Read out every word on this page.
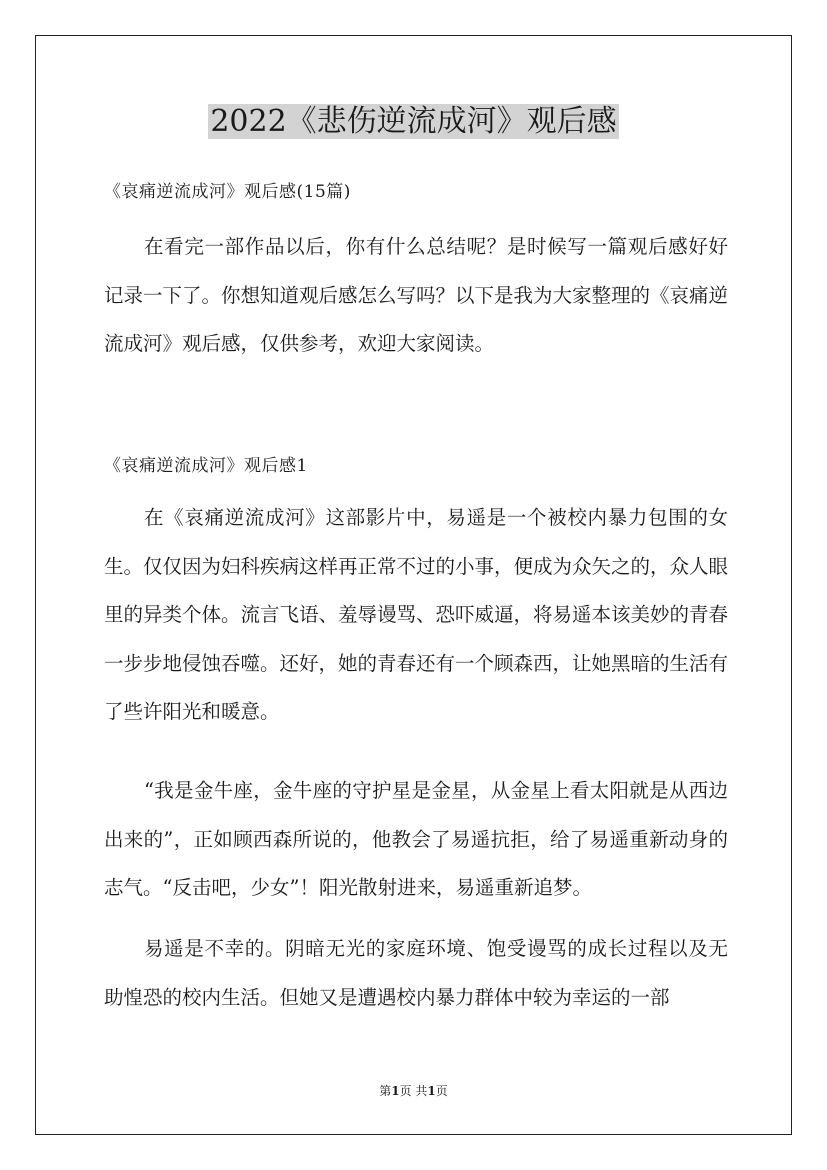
2022《悲伤逆流成河》观后感
《哀痛逆流成河》观后感(15篇)

在看完一部作品以后，你有什么总结呢？是时候写一篇观后感好好记录一下了。你想知道观后感怎么写吗？以下是我为大家整理的《哀痛逆流成河》观后感，仅供参考，欢迎大家阅读。

《哀痛逆流成河》观后感1

在《哀痛逆流成河》这部影片中，易遥是一个被校内暴力包围的女生。仅仅因为妇科疾病这样再正常不过的小事，便成为众矢之的，众人眼里的异类个体。流言飞语、羞辱谩骂、恐吓威逼，将易遥本该美妙的青春一步步地侵蚀吞噬。还好，她的青春还有一个顾森西，让她黑暗的生活有了些许阳光和暖意。

“我是金牛座，金牛座的守护星是金星，从金星上看太阳就是从西边出来的”，正如顾西森所说的，他教会了易遥抗拒，给了易遥重新动身的志气。“反击吧，少女”！阳光散射进来，易遥重新追梦。

易遥是不幸的。阴暗无光的家庭环境、饱受谩骂的成长过程以及无助惶恐的校内生活。但她又是遭遇校内暴力群体中较为幸运的一部

第1页 共1页
